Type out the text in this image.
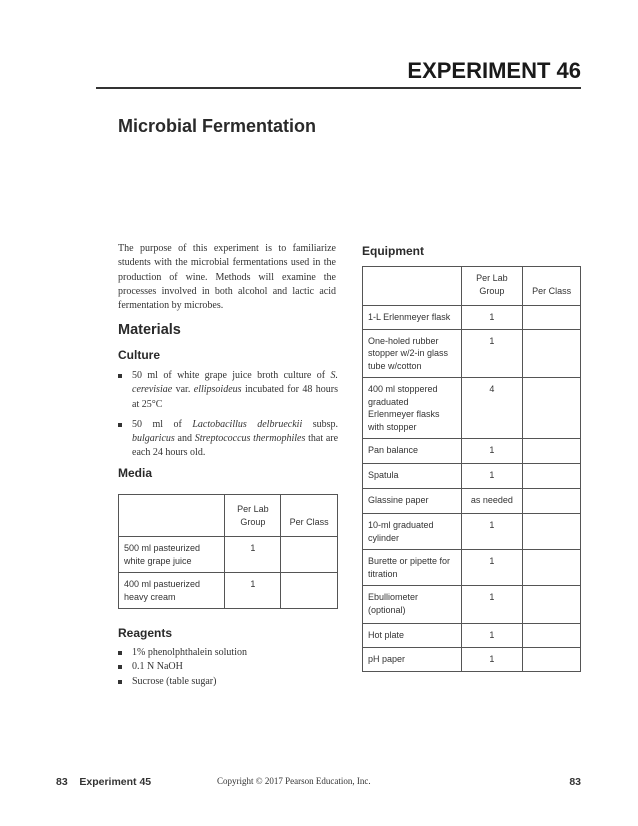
EXPERIMENT 46
Microbial Fermentation

The purpose of this experiment is to familiarize students with the microbial fermentations used in the production of wine. Methods will examine the processes involved in both alcohol and lactic acid fermentation by microbes.

Materials
Culture
50 ml of white grape juice broth culture of S. cerevisiae var. ellipsoideus incubated for 48 hours at 25°C
50 ml of Lactobacillus delbrueckii subsp. bulgaricus and Streptococcus thermophiles that are each 24 hours old.
Media
	Per Lab Group	Per Class
500 ml pasteurized white grape juice	1	
400 ml pastuerized heavy cream	1	
Reagents
1% phenolphthalein solution
0.1 N NaOH
Sucrose (table sugar)
Equipment
	Per Lab Group	Per Class
1-L Erlenmeyer flask	1	
One-holed rubber stopper w/2-in glass tube w/cotton	1	
400 ml stoppered graduated Erlenmeyer flasks with stopper	4	
Pan balance	1	
Spatula	1	
Glassine paper	as needed	
10-ml graduated cylinder	1	
Burette or pipette for titration	1	
Ebulliometer (optional)	1	
Hot plate	1	
pH paper	1	
83    Experiment 45	Copyright © 2017 Pearson Education, Inc.	83
